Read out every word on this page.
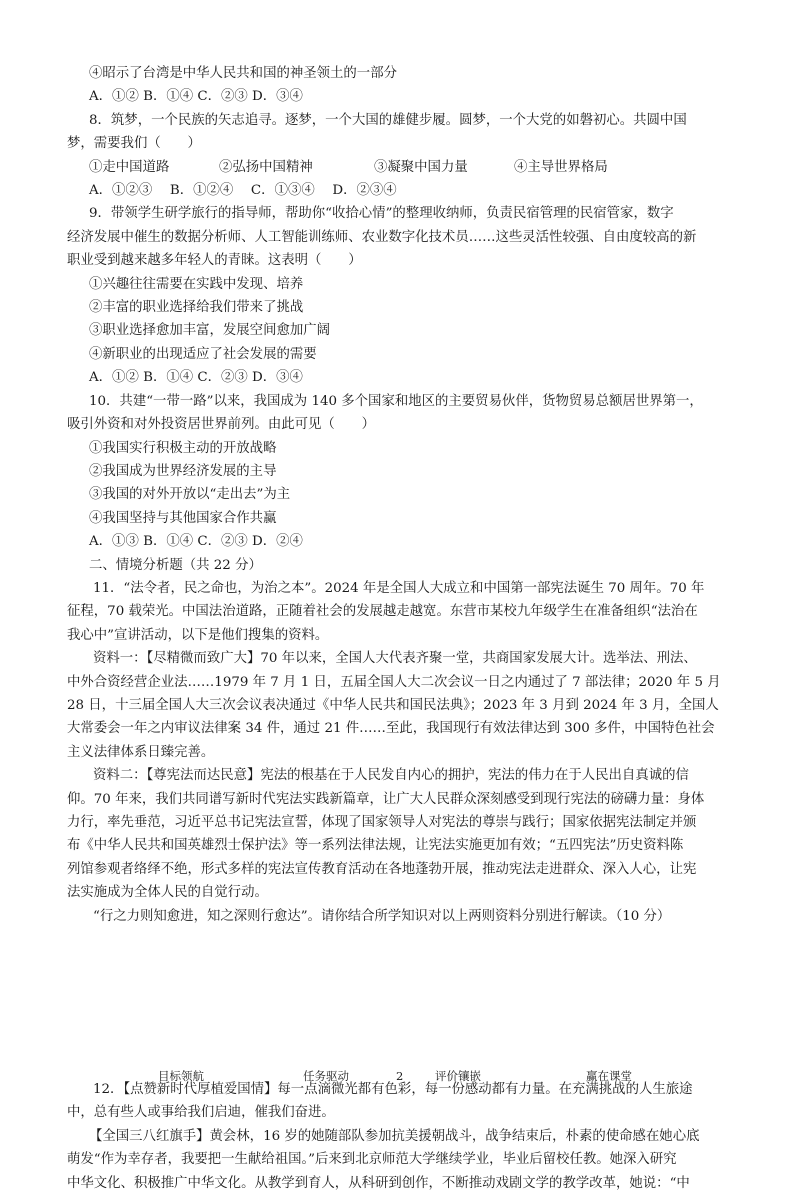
④昭示了台湾是中华人民共和国的神圣领土的一部分
A．①② B．①④ C．②③ D．③④
8．筑梦，一个民族的矢志追寻。逐梦，一个大国的雄健步履。圆梦，一个大党的如磐初心。共圆中国
梦，需要我们（　　）
①走中国道路	②弘扬中国精神	③凝聚中国力量	④主导世界格局
A．①②③　 B．①②④　 C．①③④　 D．②③④
9．带领学生研学旅行的指导师，帮助你“收拾心情”的整理收纳师，负责民宿管理的民宿管家，数字
经济发展中催生的数据分析师、人工智能训练师、农业数字化技术员……这些灵活性较强、自由度较高的新
职业受到越来越多年轻人的青睐。这表明（　　）
①兴趣往往需要在实践中发现、培养
②丰富的职业选择给我们带来了挑战
③职业选择愈加丰富，发展空间愈加广阔
④新职业的出现适应了社会发展的需要
A．①② B．①④ C．②③ D．③④
10．共建“一带一路”以来，我国成为 140 多个国家和地区的主要贸易伙伴，货物贸易总额居世界第一，
吸引外资和对外投资居世界前列。由此可见（　　）
①我国实行积极主动的开放战略
②我国成为世界经济发展的主导
③我国的对外开放以“走出去”为主
④我国坚持与其他国家合作共赢
A．①③ B．①④ C．②③ D．②④
二、情境分析题（共 22 分）
11．“法令者，民之命也，为治之本”。2024 年是全国人大成立和中国第一部宪法诞生 70 周年。70 年
征程，70 载荣光。中国法治道路，正随着社会的发展越走越宽。东营市某校九年级学生在准备组织“法治在
我心中”宣讲活动，以下是他们搜集的资料。
资料一：【尽精微而致广大】70 年以来，全国人大代表齐聚一堂，共商国家发展大计。选举法、刑法、
中外合资经营企业法……1979 年 7 月 1 日，五届全国人大二次会议一日之内通过了 7 部法律；2020 年 5 月
28 日，十三届全国人大三次会议表决通过《中华人民共和国民法典》；2023 年 3 月到 2024 年 3 月，全国人
大常委会一年之内审议法律案 34 件，通过 21 件……至此，我国现行有效法律达到 300 多件，中国特色社会
主义法律体系日臻完善。
资料二：【尊宪法而达民意】宪法的根基在于人民发自内心的拥护，宪法的伟力在于人民出自真诚的信
仰。70 年来，我们共同谱写新时代宪法实践新篇章，让广大人民群众深刻感受到现行宪法的磅礴力量：身体
力行，率先垂范，习近平总书记宪法宣誓，体现了国家领导人对宪法的尊崇与践行；国家依据宪法制定并颁
布《中华人民共和国英雄烈士保护法》等一系列法律法规，让宪法实施更加有效；“五四宪法”历史资料陈
列馆参观者络绎不绝，形式多样的宪法宣传教育活动在各地蓬勃开展，推动宪法走进群众、深入人心，让宪
法实施成为全体人民的自觉行动。
“行之力则知愈进，知之深则行愈达”。请你结合所学知识对以上两则资料分别进行解读。（10 分）
12．【点赞新时代厚植爱国情】每一点滴微光都有色彩，每一份感动都有力量。在充满挑战的人生旅途
中，总有些人或事给我们启迪，催我们奋进。
【全国三八红旗手】黄会林，16 岁的她随部队参加抗美援朝战斗，战争结束后，朴素的使命感在她心底
萌发“作为幸存者，我要把一生献给祖国。”后来到北京师范大学继续学业，毕业后留校任教。她深入研究
中华文化、积极推广中华文化。从教学到育人，从科研到创作，不断推动戏剧文学的教学改革，她说：“中
目标领航	任务驱动	2	评价镶嵌	赢在课堂
